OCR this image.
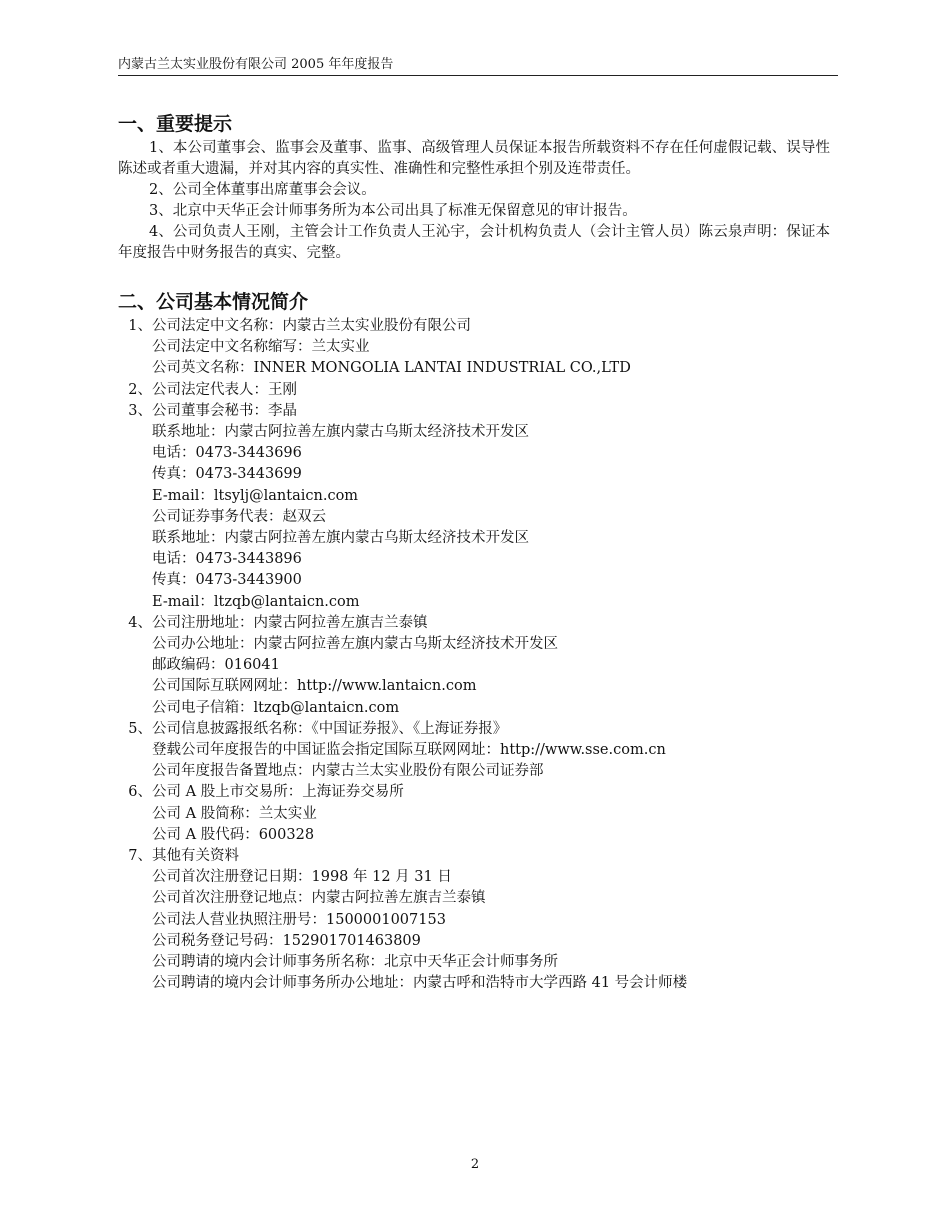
内蒙古兰太实业股份有限公司 2005 年年度报告
一、重要提示

1、本公司董事会、监事会及董事、监事、高级管理人员保证本报告所载资料不存在任何虚假记载、误导性陈述或者重大遗漏，并对其内容的真实性、准确性和完整性承担个别及连带责任。

2、公司全体董事出席董事会会议。

3、北京中天华正会计师事务所为本公司出具了标准无保留意见的审计报告。

4、公司负责人王刚，主管会计工作负责人王沁宇，会计机构负责人（会计主管人员）陈云泉声明：保证本年度报告中财务报告的真实、完整。

二、公司基本情况简介
1、公司法定中文名称：内蒙古兰太实业股份有限公司
公司法定中文名称缩写：兰太实业
公司英文名称：INNER MONGOLIA LANTAI INDUSTRIAL CO.,LTD
2、公司法定代表人：王刚
3、公司董事会秘书：李晶
联系地址：内蒙古阿拉善左旗内蒙古乌斯太经济技术开发区
电话：0473-3443696
传真：0473-3443699
E-mail：ltsylj@lantaicn.com
公司证券事务代表：赵双云
联系地址：内蒙古阿拉善左旗内蒙古乌斯太经济技术开发区
电话：0473-3443896
传真：0473-3443900
E-mail：ltzqb@lantaicn.com
4、公司注册地址：内蒙古阿拉善左旗吉兰泰镇
公司办公地址：内蒙古阿拉善左旗内蒙古乌斯太经济技术开发区
邮政编码：016041
公司国际互联网网址：http://www.lantaicn.com
公司电子信箱：ltzqb@lantaicn.com
5、公司信息披露报纸名称：《中国证券报》、《上海证券报》
登载公司年度报告的中国证监会指定国际互联网网址：http://www.sse.com.cn
公司年度报告备置地点：内蒙古兰太实业股份有限公司证券部
6、公司 A 股上市交易所：上海证券交易所
公司 A 股简称：兰太实业
公司 A 股代码：600328
7、其他有关资料
公司首次注册登记日期：1998 年 12 月 31 日
公司首次注册登记地点：内蒙古阿拉善左旗吉兰泰镇
公司法人营业执照注册号：1500001007153
公司税务登记号码：152901701463809
公司聘请的境内会计师事务所名称：北京中天华正会计师事务所
公司聘请的境内会计师事务所办公地址：内蒙古呼和浩特市大学西路 41 号会计师楼
2
